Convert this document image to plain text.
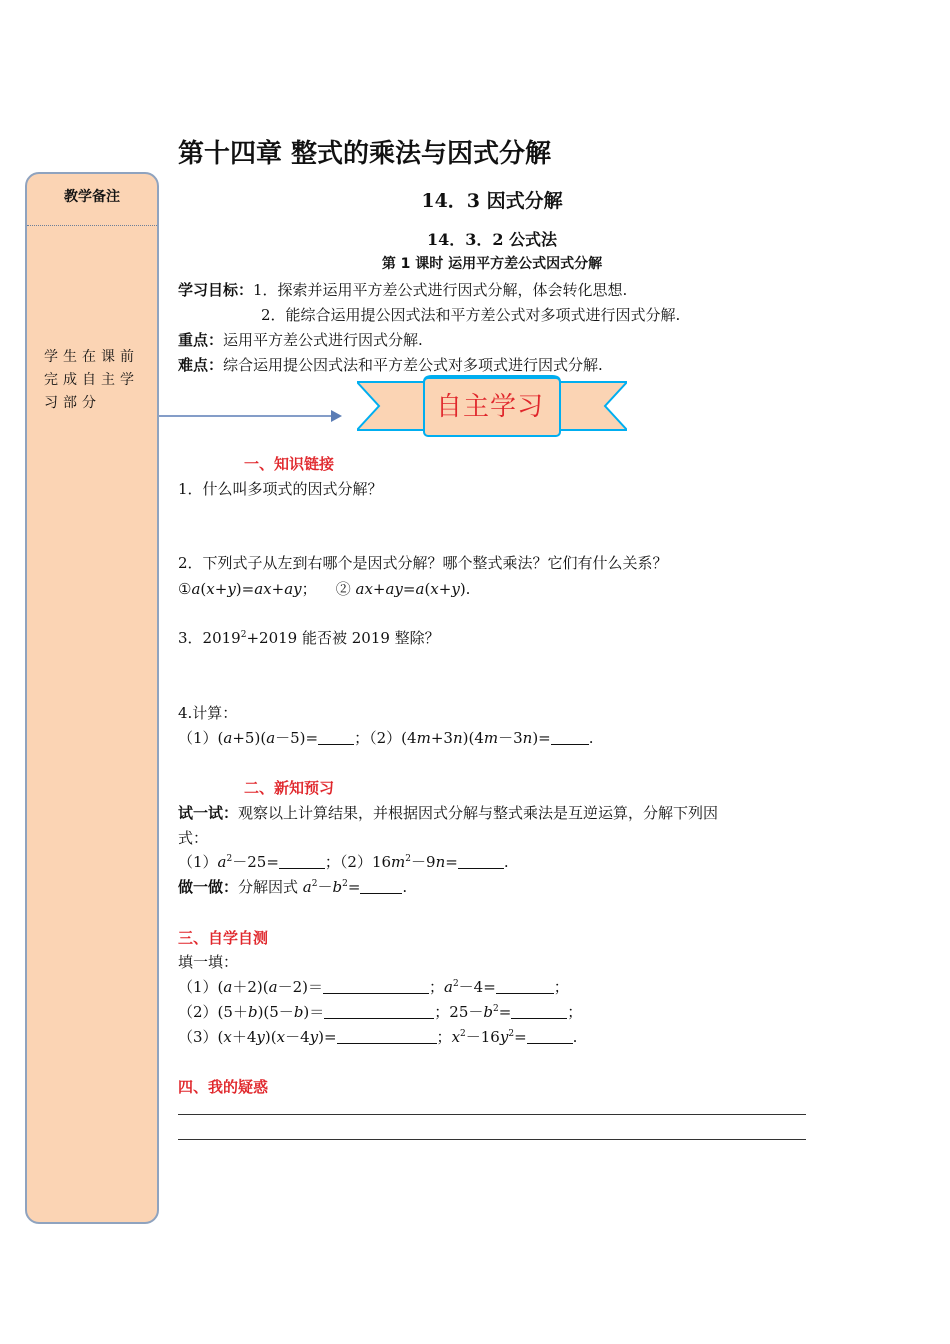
教学备注
学生在课前完成自主学习部分
第十四章 整式的乘法与因式分解
14．3 因式分解
14．3．2 公式法
第 1 课时 运用平方差公式因式分解
学习目标：1．探索并运用平方差公式进行因式分解，体会转化思想.
2．能综合运用提公因式法和平方差公式对多项式进行因式分解.
重点：运用平方差公式进行因式分解.
难点：综合运用提公因式法和平方差公式对多项式进行因式分解.
自主学习
一、知识链接
1．什么叫多项式的因式分解？
2．下列式子从左到右哪个是因式分解？哪个整式乘法？它们有什么关系？
①a(x+y)=ax+ay；    ② ax+ay=a(x+y).
3．$2019^2+2019$ 能否被 2019 整除？
4.计算：
（1）(a+5)(a－5)= ；（2）(4m+3n)(4m－3n)=	.
二、新知预习
试一试：观察以上计算结果，并根据因式分解与整式乘法是互逆运算，分解下列因
式：
$(1)a^2-25=$	；$(2)16m^2-9n=$	.
做一做：分解因式 $a^2-b^2=$	.
三、自学自测
填一填：
（1）(a＋2)(a－2)＝	；$a^2-4=$	；
（2）(5＋b)(5－b)＝	；$25-b^2=$	；
（3）(x＋4y)(x－4y)=	；$x^2-16y^2=$	.
四、我的疑惑
